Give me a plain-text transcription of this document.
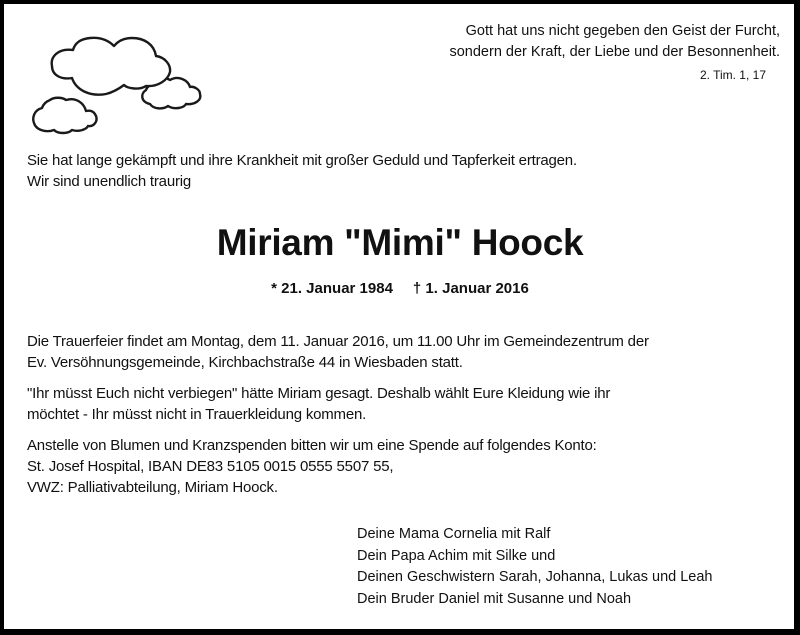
Gott hat uns nicht gegeben den Geist der Furcht,
sondern der Kraft, der Liebe und der Besonnenheit.
2. Tim. 1, 17
Sie hat lange gekämpft und ihre Krankheit mit großer Geduld und Tapferkeit ertragen.
Wir sind unendlich traurig
Miriam "Mimi" Hoock
* 21. Januar 1984 † 1. Januar 2016

Die Trauerfeier findet am Montag, dem 11. Januar 2016, um 11.00 Uhr im Gemeindezentrum der
Ev. Versöhnungsgemeinde, Kirchbachstraße 44 in Wiesbaden statt.

"Ihr müsst Euch nicht verbiegen" hätte Miriam gesagt. Deshalb wählt Eure Kleidung wie ihr
möchtet - Ihr müsst nicht in Trauerkleidung kommen.

Anstelle von Blumen und Kranzspenden bitten wir um eine Spende auf folgendes Konto:
St. Josef Hospital, IBAN DE83 5105 0015 0555 5507 55,
VWZ: Palliativabteilung, Miriam Hoock.

Deine Mama Cornelia mit Ralf
Dein Papa Achim mit Silke und
Deinen Geschwistern Sarah, Johanna, Lukas und Leah
Dein Bruder Daniel mit Susanne und Noah
